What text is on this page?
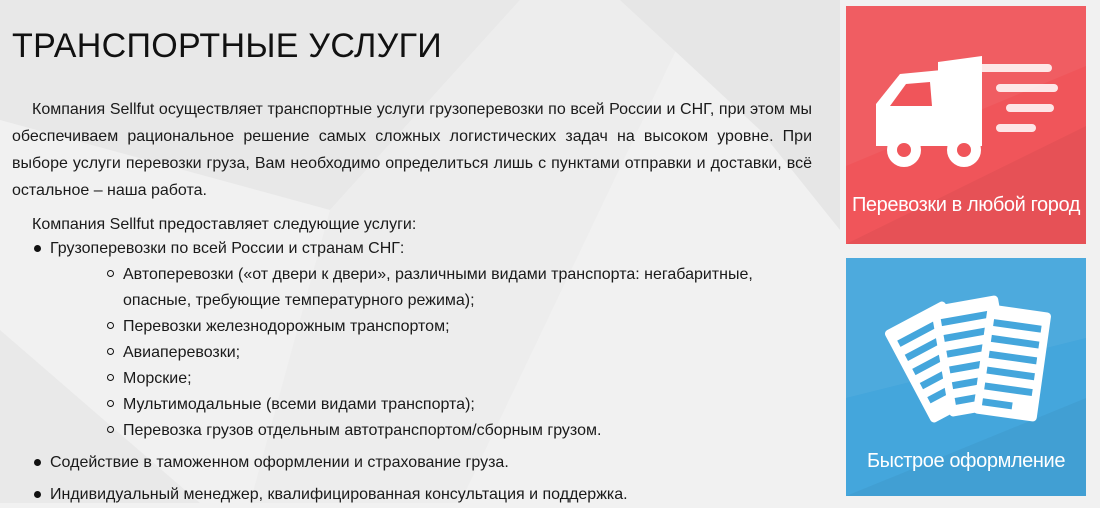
ТРАНСПОРТНЫЕ УСЛУГИ

Компания Sellfut осуществляет транспортные услуги грузоперевозки по всей России и СНГ, при этом мы обеспечиваем рациональное решение самых сложных логистических задач на высоком уровне. При выборе услуги перевозки груза, Вам необходимо определиться лишь с пунктами отправки и доставки, всё остальное – наша работа.

Компания Sellfut предоставляет следующие услуги:

Грузоперевозки по всей России и странам СНГ:
Автоперевозки («от двери к двери», различными видами транспорта: негабаритные, опасные, требующие температурного режима);
Перевозки железнодорожным транспортом;
Авиаперевозки;
Морские;
Мультимодальные (всеми видами транспорта);
Перевозка грузов отдельным автотранспортом/сборным грузом.
Содействие в таможенном оформлении и страхование груза.
Индивидуальный менеджер, квалифицированная консультация и поддержка.
Перевозки в любой город
Быстрое оформление
